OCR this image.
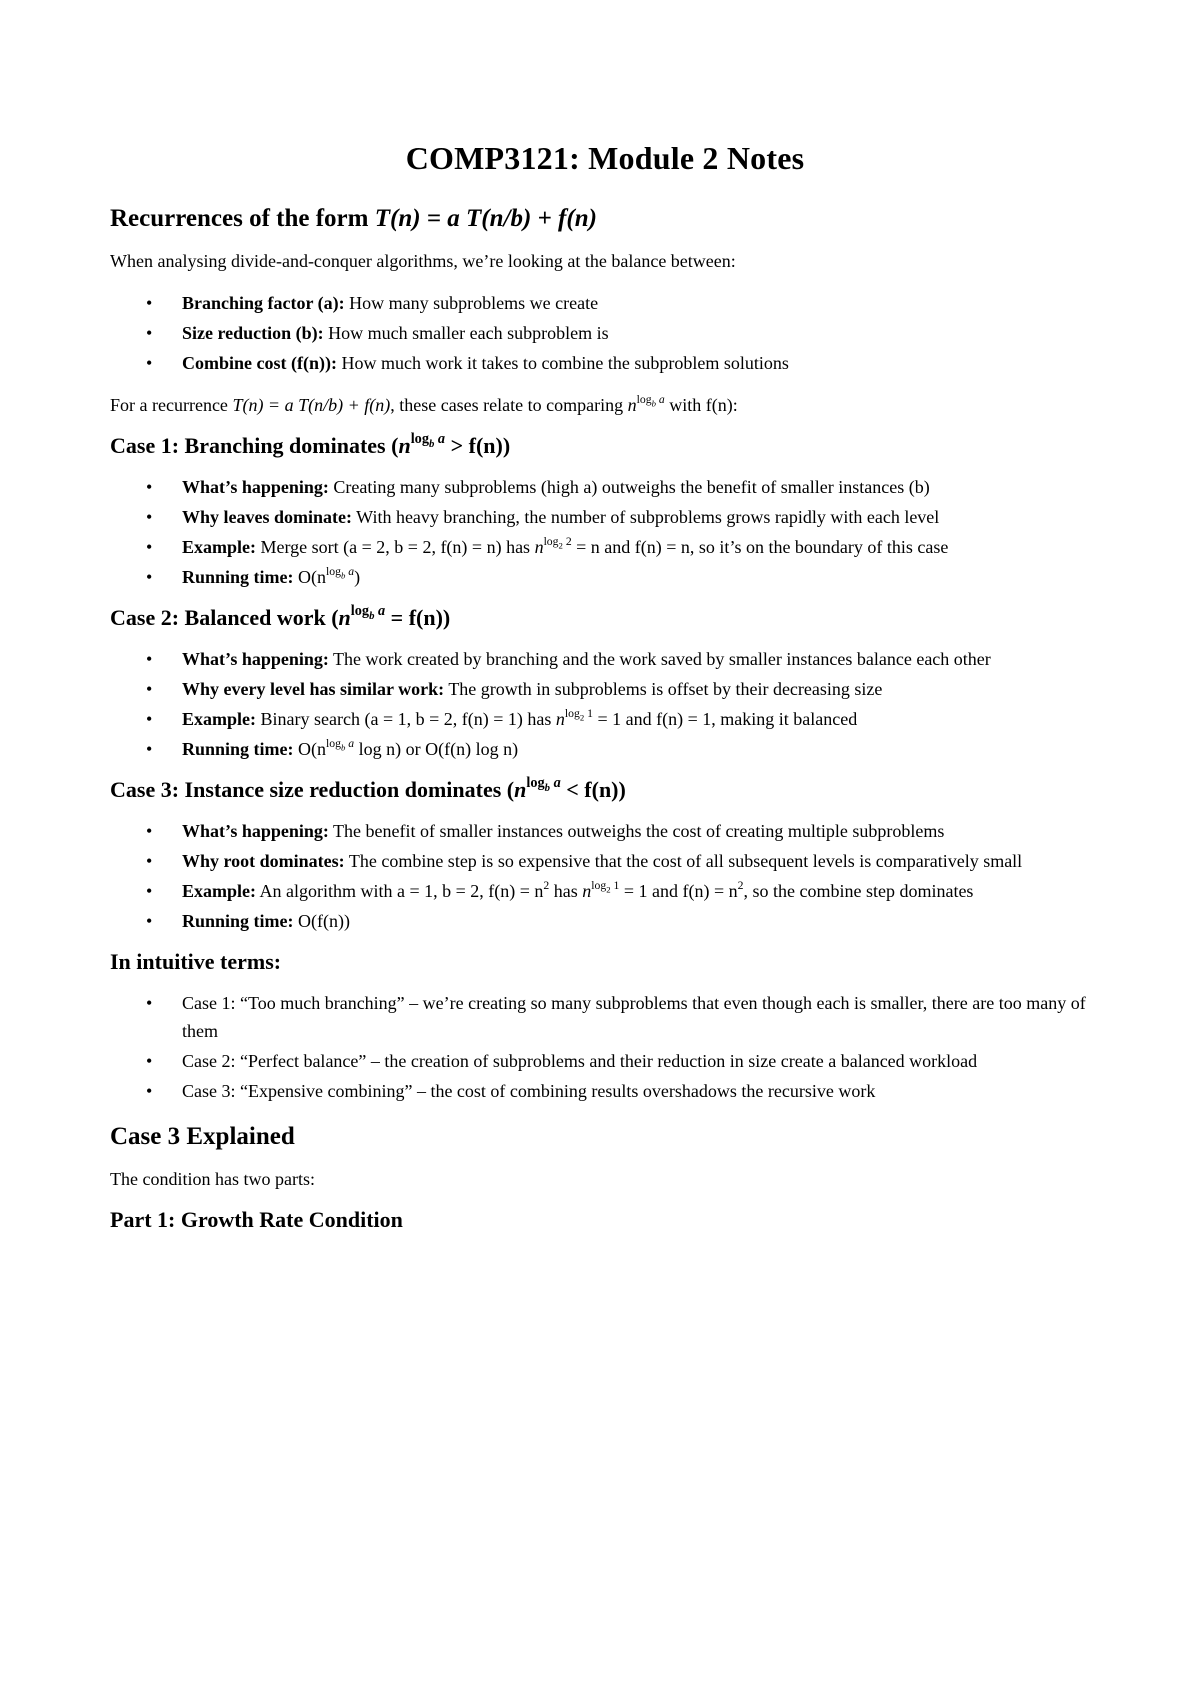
COMP3121: Module 2 Notes
Recurrences of the form T(n) = a T(n/b) + f(n)

When analysing divide-and-conquer algorithms, we’re looking at the balance between:

• Branching factor (a): How many subproblems we create
• Size reduction (b): How much smaller each subproblem is
• Combine cost (f(n)): How much work it takes to combine the subproblem solutions

For a recurrence T(n) = a T(n/b) + f(n), these cases relate to comparing $n^{log_b a}$ with f(n):

Case 1: Branching dominates $(n^{log_b a} > f(n))$
• What’s happening: Creating many subproblems (high a) outweighs the benefit of smaller instances (b)
• Why leaves dominate: With heavy branching, the number of subproblems grows rapidly with each level
• Example: Merge sort (a = 2, b = 2, f(n) = n) has $n^{log_2 2} = n$ and f(n) = n, so it’s on the boundary of this case
• Running time: $O(n^{log_b a})$
Case 2: Balanced work $(n^{log_b a} = f(n))$
• What’s happening: The work created by branching and the work saved by smaller instances balance each other
• Why every level has similar work: The growth in subproblems is offset by their decreasing size
• Example: Binary search (a = 1, b = 2, f(n) = 1) has $n^{log_2 1} = 1$ and f(n) = 1, making it balanced
• Running time: $O(n^{log_b a}$ log n) or O(f(n) log n)
Case 3: Instance size reduction dominates $(n^{log_b a} < f(n))$
• What’s happening: The benefit of smaller instances outweighs the cost of creating multiple subproblems
• Why root dominates: The combine step is so expensive that the cost of all subsequent levels is comparatively small
• Example: An algorithm with a = 1, b = 2, $f(n) = n^2$ has $n^{log_2 1} = 1$ and $f(n) = n^2$, so the combine step dominates
• Running time: O(f(n))
In intuitive terms:
• Case 1: “Too much branching” – we’re creating so many subproblems that even though each is smaller, there are too many of them
• Case 2: “Perfect balance” – the creation of subproblems and their reduction in size create a balanced workload
• Case 3: “Expensive combining” – the cost of combining results overshadows the recursive work
Case 3 Explained

The condition has two parts:

Part 1: Growth Rate Condition
